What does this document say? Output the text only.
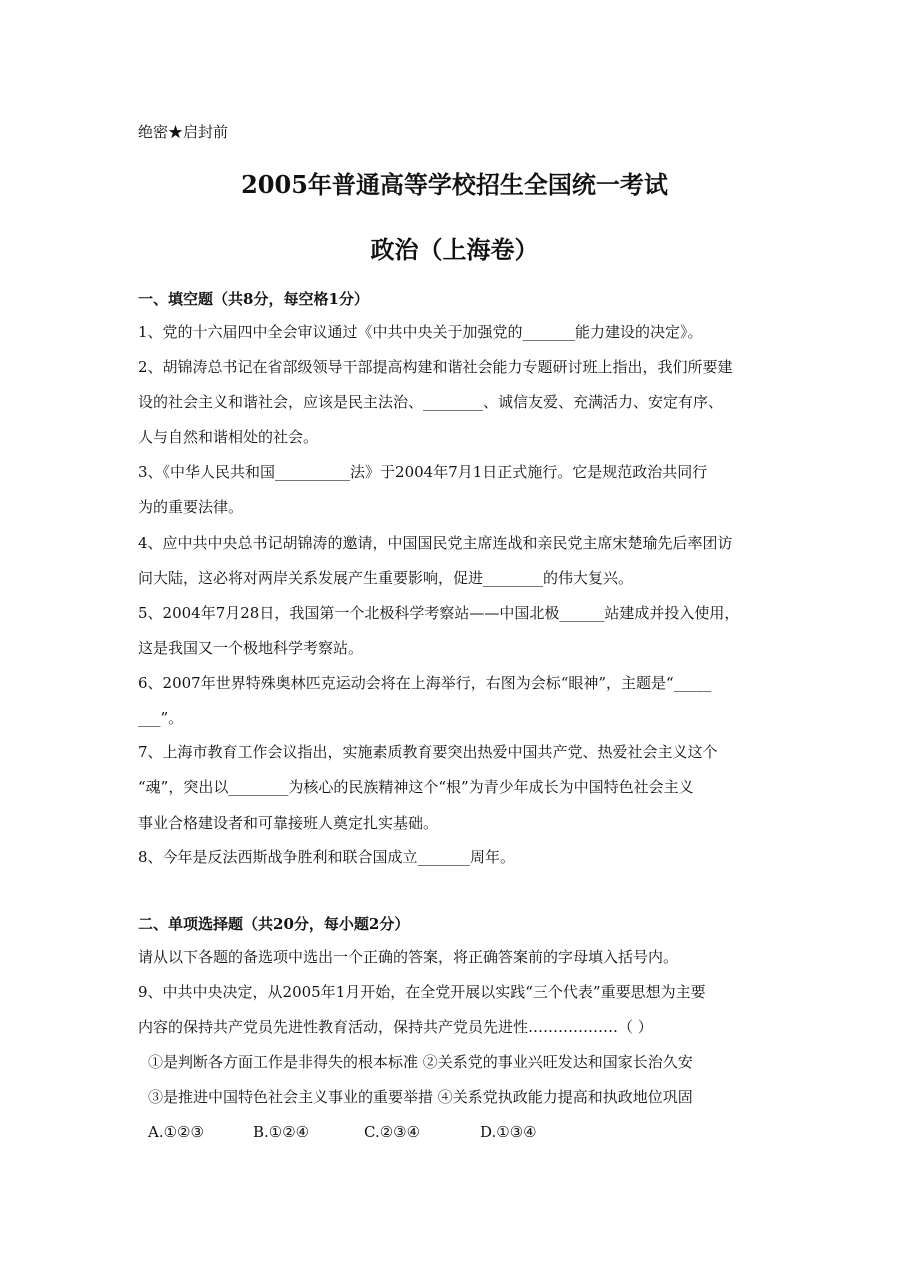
绝密★启封前
2005年普通高等学校招生全国统一考试
政治（上海卷）
一、填空题（共8分，每空格1分）
1、党的十六届四中全会审议通过《中共中央关于加强党的_______能力建设的决定》。
2、胡锦涛总书记在省部级领导干部提高构建和谐社会能力专题研讨班上指出，我们所要建
设的社会主义和谐社会，应该是民主法治、________、诚信友爱、充满活力、安定有序、
人与自然和谐相处的社会。
3、《中华人民共和国__________法》于2004年7月1日正式施行。它是规范政治共同行
为的重要法律。
4、应中共中央总书记胡锦涛的邀请，中国国民党主席连战和亲民党主席宋楚瑜先后率团访
问大陆，这必将对两岸关系发展产生重要影响，促进________的伟大复兴。
5、2004年7月28日，我国第一个北极科学考察站——中国北极______站建成并投入使用，
这是我国又一个极地科学考察站。
6、2007年世界特殊奥林匹克运动会将在上海举行，右图为会标“眼神”，主题是“_____
___”。
7、上海市教育工作会议指出，实施素质教育要突出热爱中国共产党、热爱社会主义这个
“魂”，突出以________为核心的民族精神这个“根”为青少年成长为中国特色社会主义
事业合格建设者和可靠接班人奠定扎实基础。
8、今年是反法西斯战争胜利和联合国成立_______周年。
二、单项选择题（共20分，每小题2分）
请从以下各题的备选项中选出一个正确的答案，将正确答案前的字母填入括号内。
9、中共中央决定，从2005年1月开始，在全党开展以实践“三个代表”重要思想为主要
内容的保持共产党员先进性教育活动，保持共产党员先进性………………（ ）
①是判断各方面工作是非得失的根本标准 ②关系党的事业兴旺发达和国家长治久安
③是推进中国特色社会主义事业的重要举措 ④关系党执政能力提高和执政地位巩固
A.①②③	B.①②④	C.②③④	D.①③④
